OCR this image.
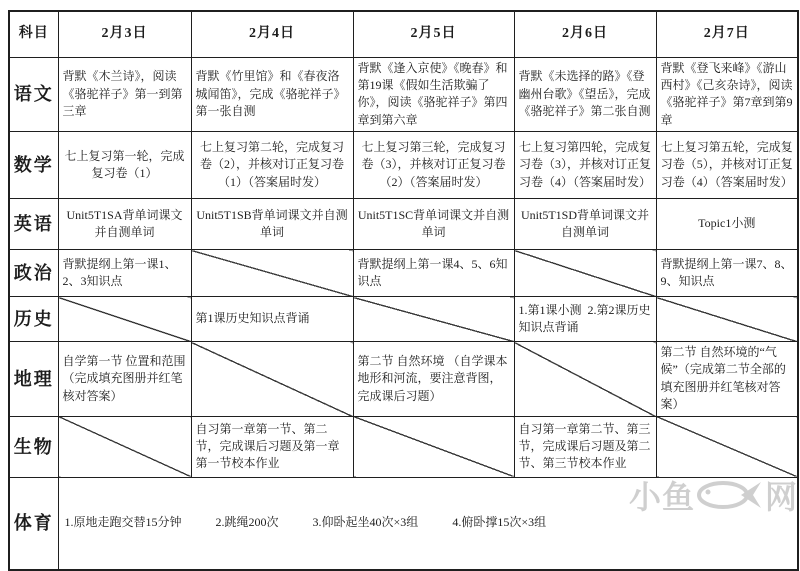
科目	2月3日	2月4日	2月5日	2月6日	2月7日
语文	背默《木兰诗》，阅读《骆驼祥子》第一到第三章	背默《竹里馆》和《春夜洛城闻笛》，完成《骆驼祥子》第一张自测	背默《逢入京使》《晚春》和第19课《假如生活欺骗了你》，阅读《骆驼祥子》第四章到第六章	背默《未选择的路》《登幽州台歌》《望岳》，完成《骆驼祥子》第二张自测	背默《登飞来峰》《游山西村》《己亥杂诗》，阅读《骆驼祥子》第7章到第9章
数学	七上复习第一轮，完成复习卷（1）	七上复习第二轮，完成复习卷（2），并核对订正复习卷（1）（答案届时发）	七上复习第三轮，完成复习卷（3），并核对订正复习卷（2）（答案届时发）	七上复习第四轮，完成复习卷（3），并核对订正复习卷（4）（答案届时发）	七上复习第五轮，完成复习卷（5），并核对订正复习卷（4）（答案届时发）
英语	Unit5T1SA背单词课文并自测单词	Unit5T1SB背单词课文并自测单词	Unit5T1SC背单词课文并自测单词	Unit5T1SD背单词课文并自测单词	Topic1小测
政治	背默提纲上第一课1、2、3知识点		背默提纲上第一课4、5、6知识点		背默提纲上第一课7、8、9、知识点
历史		第1课历史知识点背诵		1.第1课小测  2.第2课历史知识点背诵	
地理	自学第一节 位置和范围（完成填充图册并红笔核对答案）		第二节 自然环境 （自学课本地形和河流，要注意背图，完成课后习题）		第二节 自然环境的“气候”（完成第二节全部的填充图册并红笔核对答案）
生物		自习第一章第一节、第二节，完成课后习题及第一章第一节校本作业		自习第一章第二节、第三节，完成课后习题及第二节、第三节校本作业	
体育	1.原地走跑交替15分钟 2.跳绳200次 3.仰卧起坐40次×3组 4.俯卧撑15次×3组				

小鱼 网
